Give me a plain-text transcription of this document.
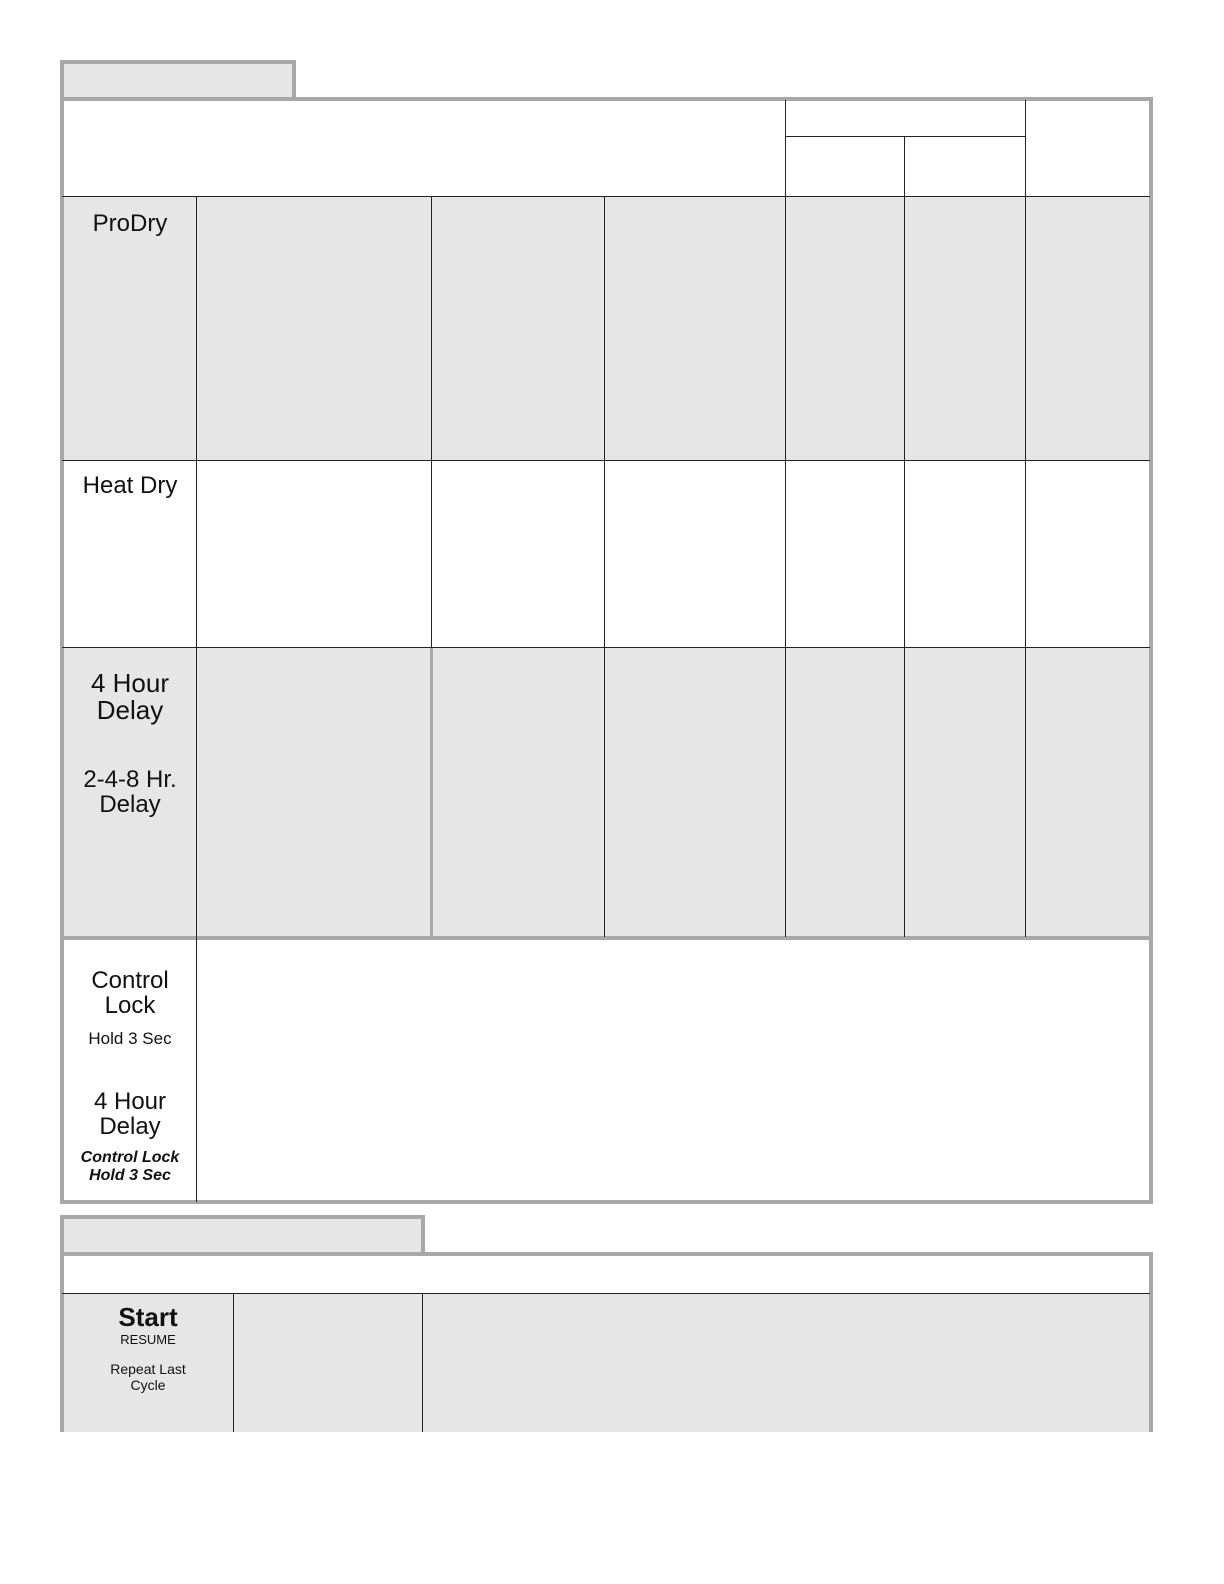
ProDry
Heat Dry
4 Hour
Delay
2-4-8 Hr.
Delay
Control
Lock
Hold 3 Sec
4 Hour
Delay
Control Lock
Hold 3 Sec
Start
RESUME
Repeat Last
Cycle
